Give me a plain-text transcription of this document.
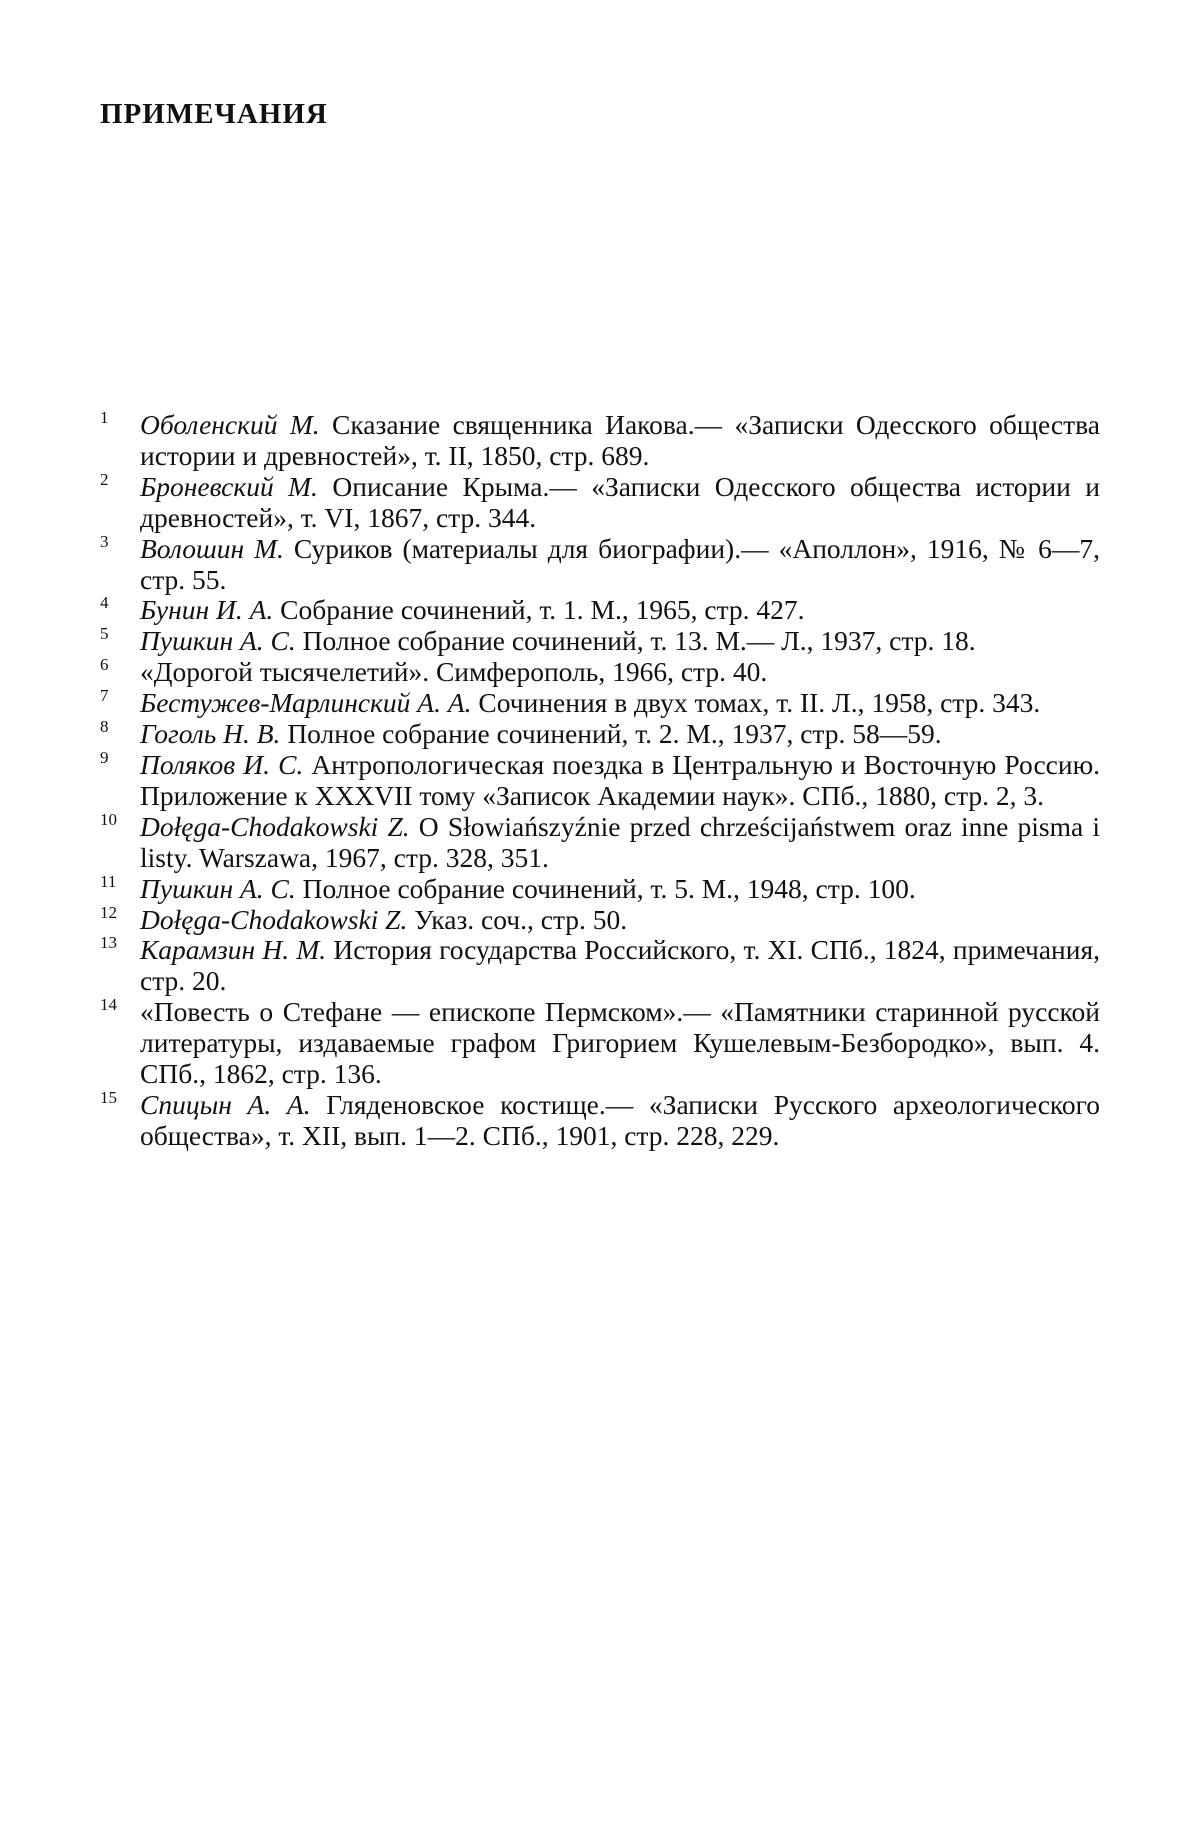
ПРИМЕЧАНИЯ
1	Оболенский М. Сказание священника Иакова.— «Записки Одесского общества истории и древностей», т. II, 1850, стр. 689.
2	Броневский М. Описание Крыма.— «Записки Одесского общества истории и древностей», т. VI, 1867, стр. 344.
3	Волошин М. Суриков (материалы для биографии).— «Аполлон», 1916, № 6—7, стр. 55.
4	Бунин И. А. Собрание сочинений, т. 1. М., 1965, стр. 427.
5	Пушкин А. С. Полное собрание сочинений, т. 13. М.— Л., 1937, стр. 18.
6	«Дорогой тысячелетий». Симферополь, 1966, стр. 40.
7	Бестужев-Марлинский А. А. Сочинения в двух томах, т. II. Л., 1958, стр. 343.
8	Гоголь Н. В. Полное собрание сочинений, т. 2. М., 1937, стр. 58—59.
9	Поляков И. С. Антропологическая поездка в Центральную и Восточную Россию. Приложение к XXXVII тому «Записок Академии наук». СПб., 1880, стр. 2, 3.
10 Dołęga-Chodakowski Z. O Słowiańszyźnie przed chrześcijaństwem oraz inne pisma i listy. Warszawa, 1967, стр. 328, 351.
11 Пушкин А. С. Полное собрание сочинений, т. 5. М., 1948, стр. 100.
12 Dołęga-Chodakowski Z. Указ. соч., стр. 50.
13 Карамзин Н. М. История государства Российского, т. XI. СПб., 1824, примечания, стр. 20.
14 «Повесть о Стефане — епископе Пермском».— «Памятники старинной русской литературы, издаваемые графом Григорием Кушелевым-Безбородко», вып. 4. СПб., 1862, стр. 136.
15 Спицын А. А. Гляденовское костище.— «Записки Русского археологического общества», т. XII, вып. 1—2. СПб., 1901, стр. 228, 229.
